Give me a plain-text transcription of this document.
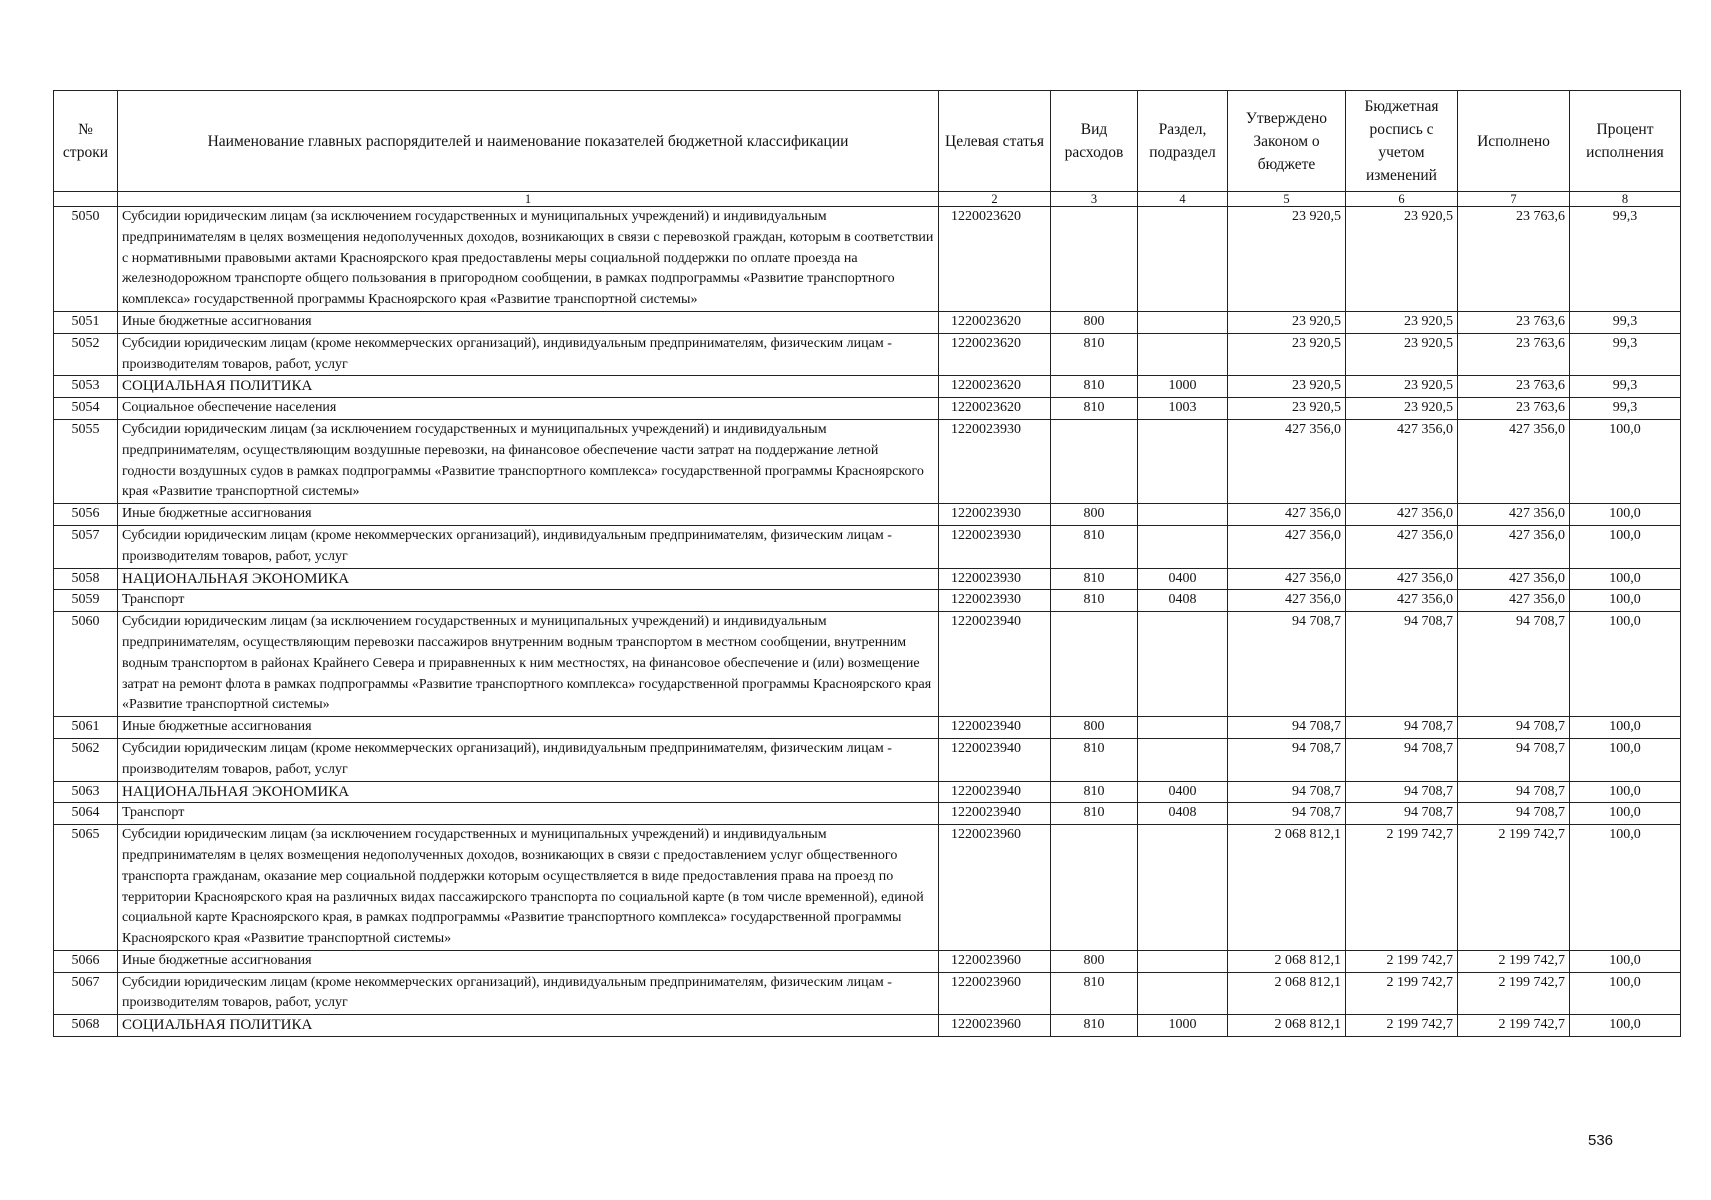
№ строки	Наименование главных распорядителей и наименование показателей бюджетной классификации	Целевая статья	Вид расходов	Раздел, подраздел	Утверждено Законом о бюджете	Бюджетная роспись с учетом изменений	Исполнено	Процент исполнения
	1	2	3	4	5	6	7	8
5050	Субсидии юридическим лицам (за исключением государственных и муниципальных учреждений) и индивидуальным предпринимателям в целях возмещения недополученных доходов, возникающих в связи с перевозкой граждан, которым в соответствии с нормативными правовыми актами Красноярского края предоставлены меры социальной поддержки по оплате проезда на железнодорожном транспорте общего пользования в пригородном сообщении, в рамках подпрограммы «Развитие транспортного комплекса» государственной программы Красноярского края «Развитие транспортной системы»	1220023620			23 920,5	23 920,5	23 763,6	99,3
5051	Иные бюджетные ассигнования	1220023620	800		23 920,5	23 920,5	23 763,6	99,3
5052	Субсидии юридическим лицам (кроме некоммерческих организаций), индивидуальным предпринимателям, физическим лицам - производителям товаров, работ, услуг	1220023620	810		23 920,5	23 920,5	23 763,6	99,3
5053	СОЦИАЛЬНАЯ ПОЛИТИКА	1220023620	810	1000	23 920,5	23 920,5	23 763,6	99,3
5054	Социальное обеспечение населения	1220023620	810	1003	23 920,5	23 920,5	23 763,6	99,3
5055	Субсидии юридическим лицам (за исключением государственных и муниципальных учреждений) и индивидуальным предпринимателям, осуществляющим воздушные перевозки, на финансовое обеспечение части затрат на поддержание летной годности воздушных судов в рамках подпрограммы «Развитие транспортного комплекса» государственной программы Красноярского края «Развитие транспортной системы»	1220023930			427 356,0	427 356,0	427 356,0	100,0
5056	Иные бюджетные ассигнования	1220023930	800		427 356,0	427 356,0	427 356,0	100,0
5057	Субсидии юридическим лицам (кроме некоммерческих организаций), индивидуальным предпринимателям, физическим лицам - производителям товаров, работ, услуг	1220023930	810		427 356,0	427 356,0	427 356,0	100,0
5058	НАЦИОНАЛЬНАЯ ЭКОНОМИКА	1220023930	810	0400	427 356,0	427 356,0	427 356,0	100,0
5059	Транспорт	1220023930	810	0408	427 356,0	427 356,0	427 356,0	100,0
5060	Субсидии юридическим лицам (за исключением государственных и муниципальных учреждений) и индивидуальным предпринимателям, осуществляющим перевозки пассажиров внутренним водным транспортом в местном сообщении, внутренним водным транспортом в районах Крайнего Севера и приравненных к ним местностях, на финансовое обеспечение и (или) возмещение затрат на ремонт флота в рамках подпрограммы «Развитие транспортного комплекса» государственной программы Красноярского края «Развитие транспортной системы»	1220023940			94 708,7	94 708,7	94 708,7	100,0
5061	Иные бюджетные ассигнования	1220023940	800		94 708,7	94 708,7	94 708,7	100,0
5062	Субсидии юридическим лицам (кроме некоммерческих организаций), индивидуальным предпринимателям, физическим лицам - производителям товаров, работ, услуг	1220023940	810		94 708,7	94 708,7	94 708,7	100,0
5063	НАЦИОНАЛЬНАЯ ЭКОНОМИКА	1220023940	810	0400	94 708,7	94 708,7	94 708,7	100,0
5064	Транспорт	1220023940	810	0408	94 708,7	94 708,7	94 708,7	100,0
5065	Субсидии юридическим лицам (за исключением государственных и муниципальных учреждений) и индивидуальным предпринимателям в целях возмещения недополученных доходов, возникающих в связи с предоставлением услуг общественного транспорта гражданам, оказание мер социальной поддержки которым осуществляется в виде предоставления права на проезд по территории Красноярского края на различных видах пассажирского транспорта по социальной карте (в том числе временной), единой социальной карте Красноярского края, в рамках подпрограммы «Развитие транспортного комплекса» государственной программы Красноярского края «Развитие транспортной системы»	1220023960			2 068 812,1	2 199 742,7	2 199 742,7	100,0
5066	Иные бюджетные ассигнования	1220023960	800		2 068 812,1	2 199 742,7	2 199 742,7	100,0
5067	Субсидии юридическим лицам (кроме некоммерческих организаций), индивидуальным предпринимателям, физическим лицам - производителям товаров, работ, услуг	1220023960	810		2 068 812,1	2 199 742,7	2 199 742,7	100,0
5068	СОЦИАЛЬНАЯ ПОЛИТИКА	1220023960	810	1000	2 068 812,1	2 199 742,7	2 199 742,7	100,0
536
